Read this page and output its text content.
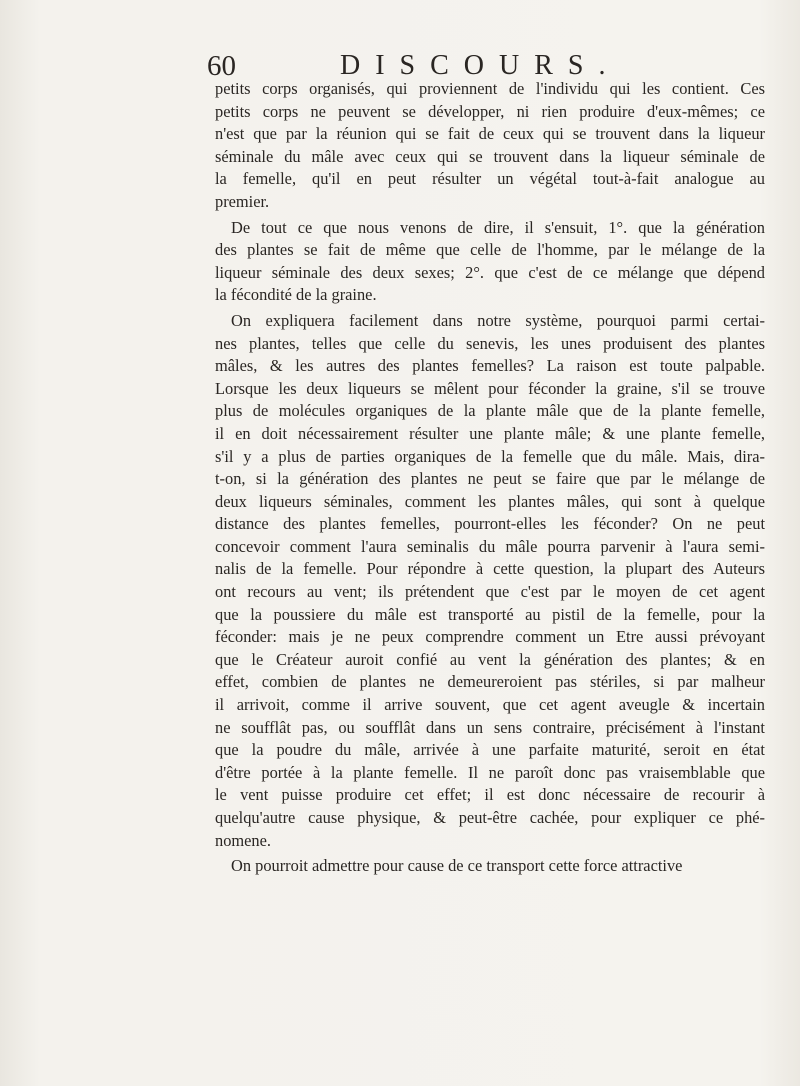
60	DISCOURS.
petits corps organisés, qui proviennent de l'individu qui les contient. Ces
petits corps ne peuvent se développer, ni rien produire d'eux-mêmes; ce
n'est que par la réunion qui se fait de ceux qui se trouvent dans la liqueur
séminale du mâle avec ceux qui se trouvent dans la liqueur séminale de
la femelle, qu'il en peut résulter un végétal tout-à-fait analogue au
premier.
De tout ce que nous venons de dire, il s'ensuit, 1°. que la génération
des plantes se fait de même que celle de l'homme, par le mélange de la
liqueur séminale des deux sexes; 2°. que c'est de ce mélange que dépend
la fécondité de la graine.
On expliquera facilement dans notre système, pourquoi parmi certai-
nes plantes, telles que celle du senevis, les unes produisent des plantes
mâles, & les autres des plantes femelles? La raison est toute palpable.
Lorsque les deux liqueurs se mêlent pour féconder la graine, s'il se trouve
plus de molécules organiques de la plante mâle que de la plante femelle,
il en doit nécessairement résulter une plante mâle; & une plante femelle,
s'il y a plus de parties organiques de la femelle que du mâle. Mais, dira-
t-on, si la génération des plantes ne peut se faire que par le mélange de
deux liqueurs séminales, comment les plantes mâles, qui sont à quelque
distance des plantes femelles, pourront-elles les féconder? On ne peut
concevoir comment l'aura seminalis du mâle pourra parvenir à l'aura semi-
nalis de la femelle. Pour répondre à cette question, la plupart des Auteurs
ont recours au vent; ils prétendent que c'est par le moyen de cet agent
que la poussiere du mâle est transporté au pistil de la femelle, pour la
féconder: mais je ne peux comprendre comment un Etre aussi prévoyant
que le Créateur auroit confié au vent la génération des plantes; & en
effet, combien de plantes ne demeureroient pas stériles, si par malheur
il arrivoit, comme il arrive souvent, que cet agent aveugle & incertain
ne soufflât pas, ou soufflât dans un sens contraire, précisément à l'instant
que la poudre du mâle, arrivée à une parfaite maturité, seroit en état
d'être portée à la plante femelle. Il ne paroît donc pas vraisemblable que
le vent puisse produire cet effet; il est donc nécessaire de recourir à
quelqu'autre cause physique, & peut-être cachée, pour expliquer ce phé-
nomene.
On pourroit admettre pour cause de ce transport cette force attractive
